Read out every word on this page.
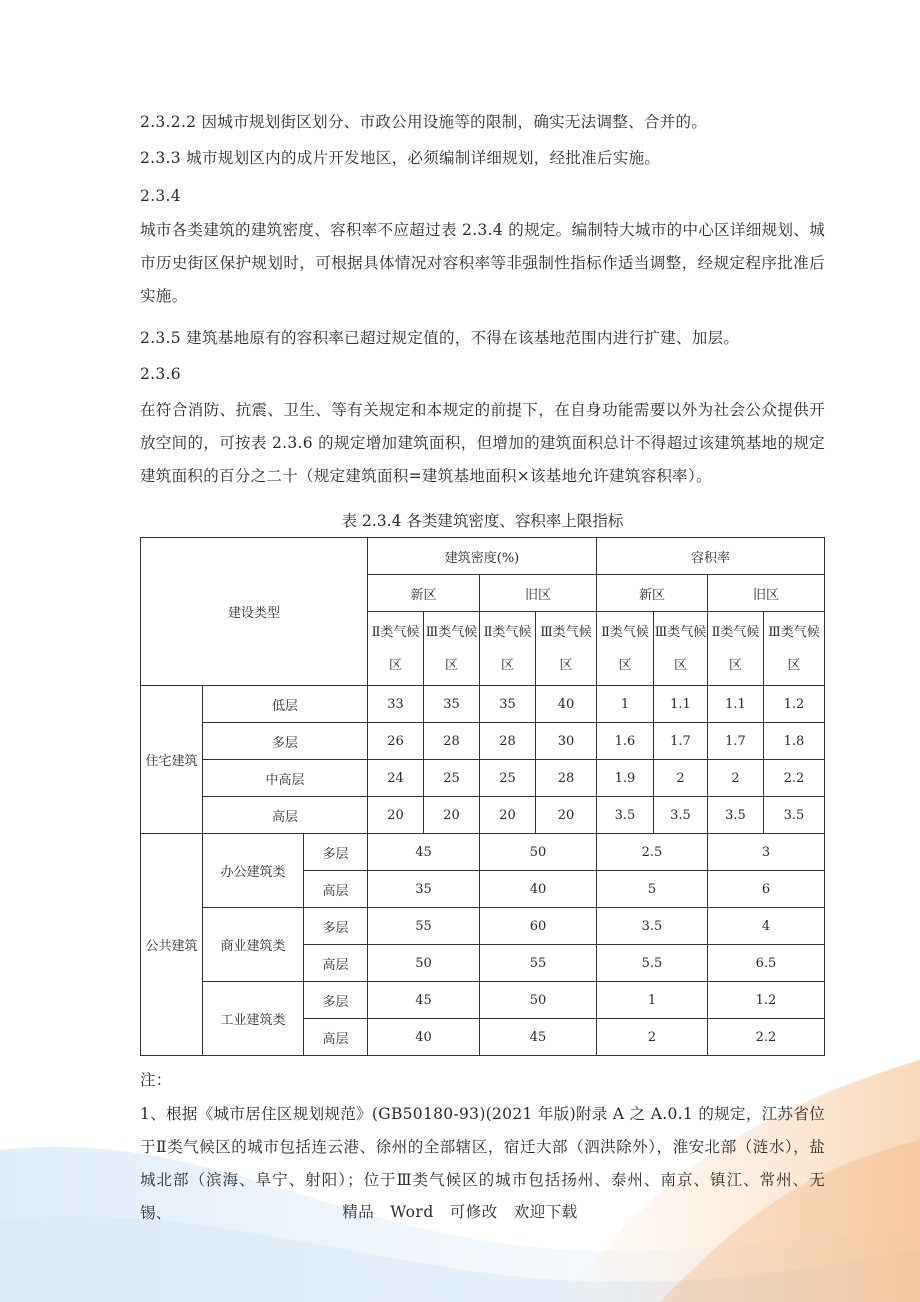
2.3.2.2 因城市规划街区划分、市政公用设施等的限制，确实无法调整、合并的。
2.3.3 城市规划区内的成片开发地区，必须编制详细规划，经批准后实施。
2.3.4
城市各类建筑的建筑密度、容积率不应超过表 2.3.4 的规定。编制特大城市的中心区详细规划、城市历史街区保护规划时，可根据具体情况对容积率等非强制性指标作适当调整，经规定程序批准后实施。
2.3.5 建筑基地原有的容积率已超过规定值的，不得在该基地范围内进行扩建、加层。
2.3.6
在符合消防、抗震、卫生、等有关规定和本规定的前提下，在自身功能需要以外为社会公众提供开放空间的，可按表 2.3.6 的规定增加建筑面积，但增加的建筑面积总计不得超过该建筑基地的规定建筑面积的百分之二十（规定建筑面积=建筑基地面积×该基地允许建筑容积率）。
表 2.3.4 各类建筑密度、容积率上限指标
建设类型			建筑密度(%)				容积率			
			新区		旧区		新区		旧区	
			Ⅱ类气候区	Ⅲ类气候区	Ⅱ类气候区	Ⅲ类气候区	Ⅱ类气候区	Ⅲ类气候区	Ⅱ类气候区	Ⅲ类气候区
住宅建筑	低层		33	35	35	40	1	1.1	1.1	1.2
	多层		26	28	28	30	1.6	1.7	1.7	1.8
	中高层		24	25	25	28	1.9	2	2	2.2
	高层		20	20	20	20	3.5	3.5	3.5	3.5
公共建筑	办公建筑类	多层	45		50		2.5		3	
		高层	35		40		5		6	
	商业建筑类	多层	55		60		3.5		4	
		高层	50		55		5.5		6.5	
	工业建筑类	多层	45		50		1		1.2	
		高层	40		45		2		2.2	
注：
1、根据《城市居住区规划规范》(GB50180-93)(2021 年版)附录 A 之 A.0.1 的规定，江苏省位于Ⅱ类气候区的城市包括连云港、徐州的全部辖区，宿迁大部（泗洪除外），淮安北部（涟水），盐城北部（滨海、阜宁、射阳）；位于Ⅲ类气候区的城市包括扬州、泰州、南京、镇江、常州、无锡、	精品 Word 可修改 欢迎下载
